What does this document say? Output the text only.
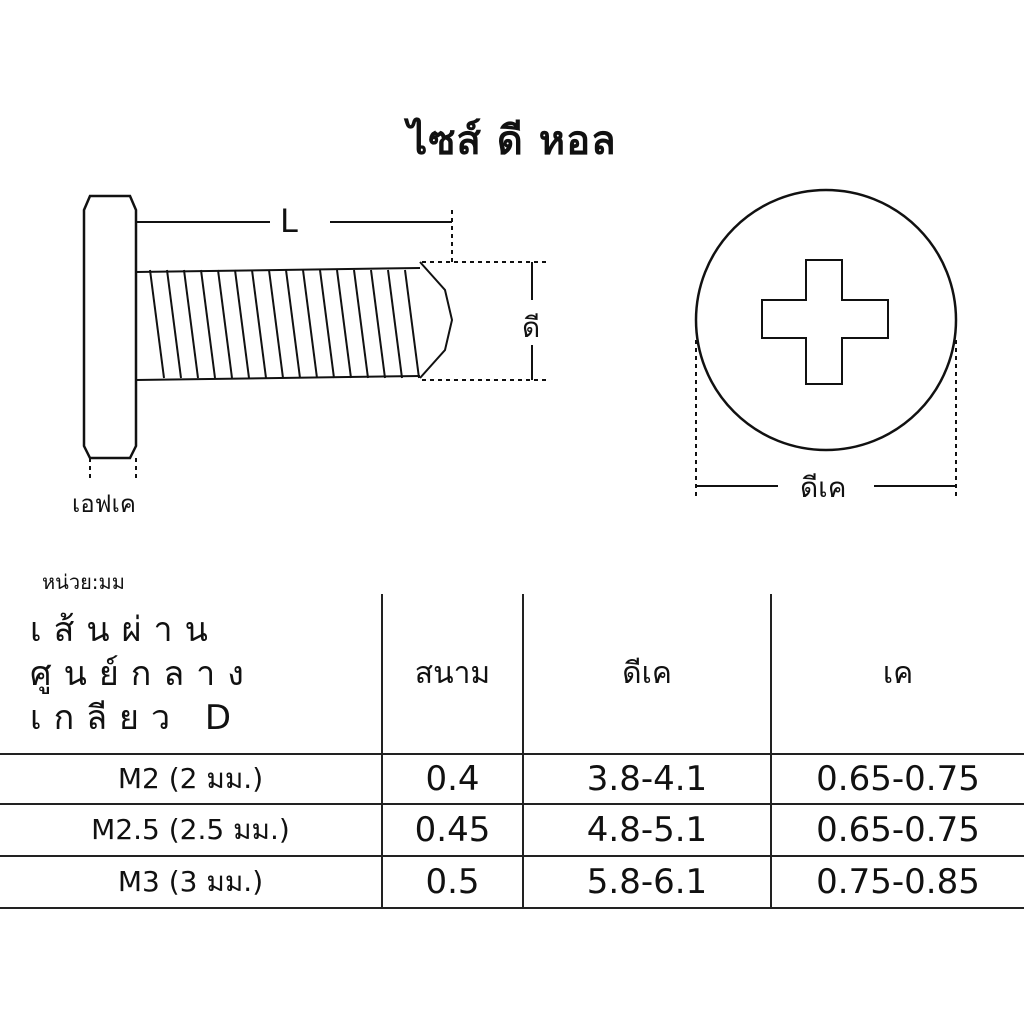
ไซส์ ดี หอล
L
ดี
เอฟเค	ดีเค
หน่วย:มม
เส้นผ่านศูนย์กลางเกลียว D	สนาม	ดีเค	เค
M2 (2 มม.)	0.4	3.8-4.1	0.65-0.75
M2.5 (2.5 มม.)	0.45	4.8-5.1	0.65-0.75
M3 (3 มม.)	0.5	5.8-6.1	0.75-0.85
